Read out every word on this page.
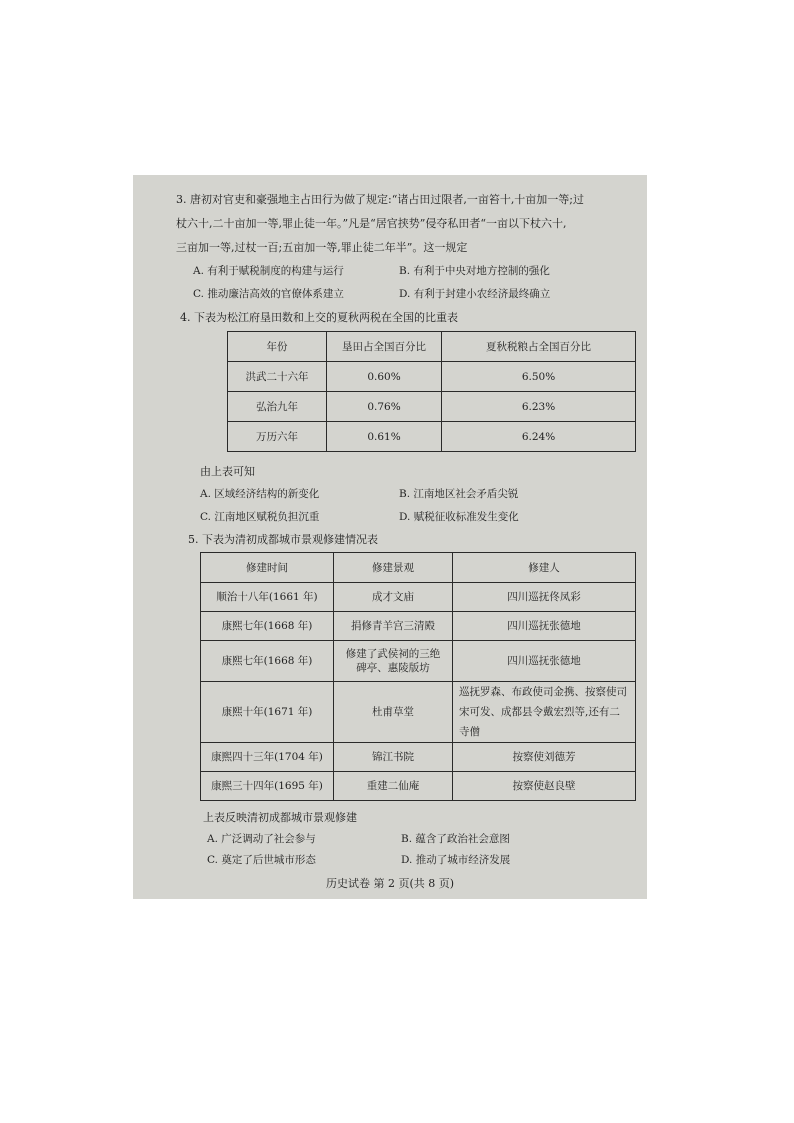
3. 唐初对官吏和豪强地主占田行为做了规定:“诸占田过限者,一亩笞十,十亩加一等;过
杖六十,二十亩加一等,罪止徒一年。”凡是“居官挟势”侵夺私田者“一亩以下杖六十,
三亩加一等,过杖一百;五亩加一等,罪止徒二年半”。这一规定
A. 有利于赋税制度的构建与运行	B. 有利于中央对地方控制的强化
C. 推动廉洁高效的官僚体系建立	D. 有利于封建小农经济最终确立
4. 下表为松江府垦田数和上交的夏秋两税在全国的比重表
年份	垦田占全国百分比	夏秋税粮占全国百分比
洪武二十六年	0.60%	6.50%
弘治九年	0.76%	6.23%
万历六年	0.61%	6.24%
由上表可知
A. 区域经济结构的新变化	B. 江南地区社会矛盾尖锐
C. 江南地区赋税负担沉重	D. 赋税征收标准发生变化
5. 下表为清初成都城市景观修建情况表
修建时间	修建景观	修建人
顺治十八年(1661 年)	成才文庙	四川巡抚佟凤彩
康熙七年(1668 年)	捐修青羊宫三清殿	四川巡抚张德地
康熙七年(1668 年)	修建了武侯祠的三绝碑亭、惠陵版坊	四川巡抚张德地
康熙十年(1671 年)	杜甫草堂	巡抚罗森、布政使司金携、按察使司宋可发、成都县令戴宏烈等,还有二寺僧
康熙四十三年(1704 年)	锦江书院	按察使刘德芳
康熙三十四年(1695 年)	重建二仙庵	按察使赵良壁
上表反映清初成都城市景观修建
A. 广泛调动了社会参与	B. 蕴含了政治社会意图
C. 奠定了后世城市形态	D. 推动了城市经济发展
历史试卷 第 2 页(共 8 页)
